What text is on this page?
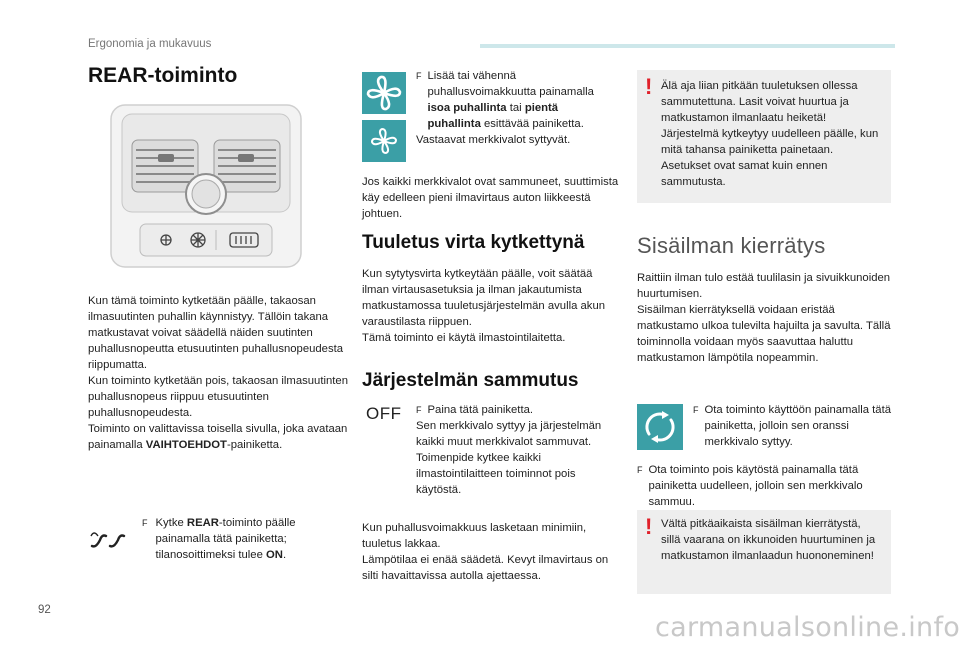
Ergonomia ja mukavuus
REAR-toiminto

Kun tämä toiminto kytketään päälle, takaosan ilmasuutinten puhallin käynnistyy. Tällöin takana matkustavat voivat säädellä näiden suutinten puhallusnopeutta etusuutinten puhallusnopeudesta riippumatta.

Kun toiminto kytketään pois, takaosan ilmasuutinten puhallusnopeus riippuu etusuutinten puhallusnopeudesta.

Toiminto on valittavissa toisella sivulla, joka avataan painamalla VAIHTOEHDOT-painiketta.

F Kytke REAR-toiminto päälle painamalla tätä painiketta; tilanosoittimeksi tulee ON.

F Lisää tai vähennä puhallusvoimakkuutta painamalla isoa puhallinta tai pientä puhallinta esittävää painiketta.

Vastaavat merkkivalot syttyvät.

Jos kaikki merkkivalot ovat sammuneet, suuttimista käy edelleen pieni ilmavirtaus auton liikkeestä johtuen.

Tuuletus virta kytkettynä

Kun sytytysvirta kytkeytään päälle, voit säätää ilman virtausasetuksia ja ilman jakautumista matkustamossa tuuletusjärjestelmän avulla akun varaustilasta riippuen.

Tämä toiminto ei käytä ilmastointilaitetta.

Järjestelmän sammutus
OFF F Paina tätä painiketta.

Sen merkkivalo syttyy ja järjestelmän kaikki muut merkkivalot sammuvat.

Toimenpide kytkee kaikki ilmastointilaitteen toiminnot pois käytöstä.

Kun puhallusvoimakkuus lasketaan minimiin, tuuletus lakkaa.

Lämpötilaa ei enää säädetä. Kevyt ilmavirtaus on silti havaittavissa autolla ajettaessa.

! Älä aja liian pitkään tuuletuksen ollessa sammutettuna. Lasit voivat huurtua ja matkustamon ilmanlaatu heiketä! Järjestelmä kytkeytyy uudelleen päälle, kun mitä tahansa painiketta painetaan. Asetukset ovat samat kuin ennen sammutusta.

Sisäilman kierrätys

Raittiin ilman tulo estää tuulilasin ja sivuikkunoiden huurtumisen.

Sisäilman kierrätyksellä voidaan eristää matkustamo ulkoa tulevilta hajuilta ja savulta. Tällä toiminnolla voidaan myös saavuttaa haluttu matkustamon lämpötila nopeammin.

F Ota toiminto käyttöön painamalla tätä painiketta, jolloin sen oranssi merkkivalo syttyy.

F Ota toiminto pois käytöstä painamalla tätä painiketta uudelleen, jolloin sen merkkivalo sammuu.

! Vältä pitkäaikaista sisäilman kierrätystä, sillä vaarana on ikkunoiden huurtuminen ja matkustamon ilmanlaadun huononeminen!

92
carmanualsonline.info
